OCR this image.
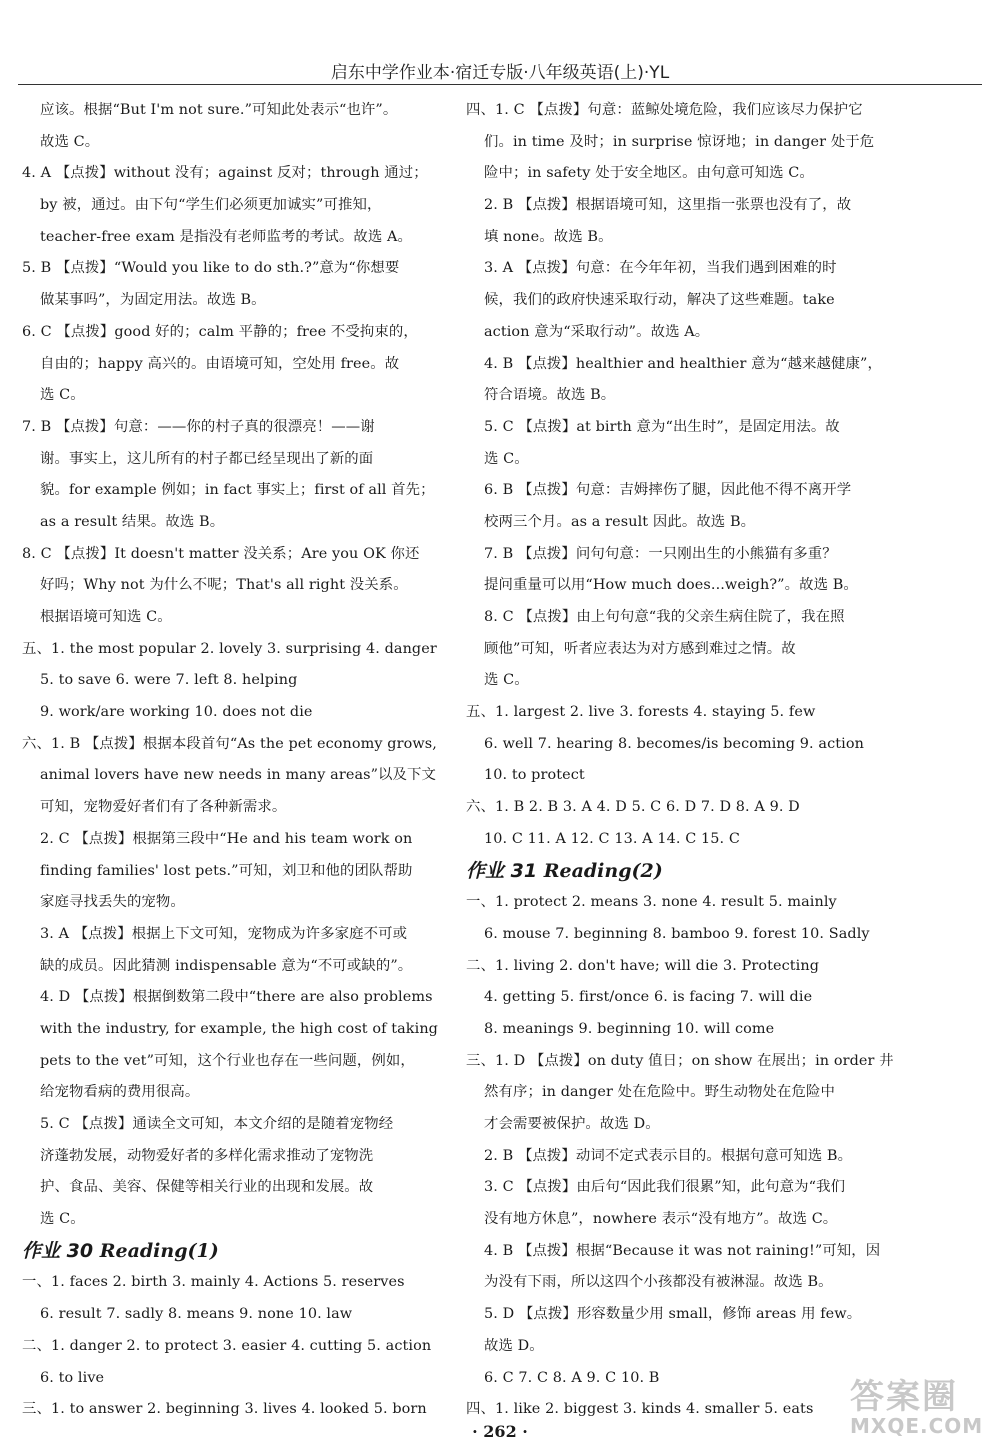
启东中学作业本·宿迁专版·八年级英语(上)·YL
应该。根据“But I'm not sure.”可知此处表示“也许”。
故选 C。
4. A 【点拨】without 没有；against 反对；through 通过；
by 被，通过。由下句“学生们必须更加诚实”可推知，
teacher-free exam 是指没有老师监考的考试。故选 A。
5. B 【点拨】“Would you like to do sth.?”意为“你想要
做某事吗”，为固定用法。故选 B。
6. C 【点拨】good 好的；calm 平静的；free 不受拘束的，
自由的；happy 高兴的。由语境可知，空处用 free。故
选 C。
7. B 【点拨】句意：——你的村子真的很漂亮！——谢
谢。事实上，这儿所有的村子都已经呈现出了新的面
貌。for example 例如；in fact 事实上；first of all 首先；
as a result 结果。故选 B。
8. C 【点拨】It doesn't matter 没关系；Are you OK 你还
好吗；Why not 为什么不呢；That's all right 没关系。
根据语境可知选 C。
五、1. the most popular 2. lovely 3. surprising 4. danger
5. to save 6. were 7. left 8. helping
9. work/are working 10. does not die
六、1. B 【点拨】根据本段首句“As the pet economy grows,
animal lovers have new needs in many areas”以及下文
可知，宠物爱好者们有了各种新需求。
2. C 【点拨】根据第三段中“He and his team work on
finding families' lost pets.”可知，刘卫和他的团队帮助
家庭寻找丢失的宠物。
3. A 【点拨】根据上下文可知，宠物成为许多家庭不可或
缺的成员。因此猜测 indispensable 意为“不可或缺的”。
4. D 【点拨】根据倒数第二段中“there are also problems
with the industry, for example, the high cost of taking
pets to the vet”可知，这个行业也存在一些问题，例如，
给宠物看病的费用很高。
5. C 【点拨】通读全文可知，本文介绍的是随着宠物经
济蓬勃发展，动物爱好者的多样化需求推动了宠物洗
护、食品、美容、保健等相关行业的出现和发展。故
选 C。
作业 30 Reading(1)
一、1. faces 2. birth 3. mainly 4. Actions 5. reserves
6. result 7. sadly 8. means 9. none 10. law
二、1. danger 2. to protect 3. easier 4. cutting 5. action
6. to live
三、1. to answer 2. beginning 3. lives 4. looked 5. born
四、1. C 【点拨】句意：蓝鲸处境危险，我们应该尽力保护它
们。in time 及时；in surprise 惊讶地；in danger 处于危
险中；in safety 处于安全地区。由句意可知选 C。
2. B 【点拨】根据语境可知，这里指一张票也没有了，故
填 none。故选 B。
3. A 【点拨】句意：在今年年初，当我们遇到困难的时
候，我们的政府快速采取行动，解决了这些难题。take
action 意为“采取行动”。故选 A。
4. B 【点拨】healthier and healthier 意为“越来越健康”，
符合语境。故选 B。
5. C 【点拨】at birth 意为“出生时”，是固定用法。故
选 C。
6. B 【点拨】句意：吉姆摔伤了腿，因此他不得不离开学
校两三个月。as a result 因此。故选 B。
7. B 【点拨】问句句意：一只刚出生的小熊猫有多重？
提问重量可以用“How much does...weigh?”。故选 B。
8. C 【点拨】由上句句意“我的父亲生病住院了，我在照
顾他”可知，听者应表达为对方感到难过之情。故
选 C。
五、1. largest 2. live 3. forests 4. staying 5. few
6. well 7. hearing 8. becomes/is becoming 9. action
10. to protect
六、1. B 2. B 3. A 4. D 5. C 6. D 7. D 8. A 9. D
10. C 11. A 12. C 13. A 14. C 15. C
作业 31 Reading(2)
一、1. protect 2. means 3. none 4. result 5. mainly
6. mouse 7. beginning 8. bamboo 9. forest 10. Sadly
二、1. living 2. don't have; will die 3. Protecting
4. getting 5. first/once 6. is facing 7. will die
8. meanings 9. beginning 10. will come
三、1. D 【点拨】on duty 值日；on show 在展出；in order 井
然有序；in danger 处在危险中。野生动物处在危险中
才会需要被保护。故选 D。
2. B 【点拨】动词不定式表示目的。根据句意可知选 B。
3. C 【点拨】由后句“因此我们很累”知，此句意为“我们
没有地方休息”，nowhere 表示“没有地方”。故选 C。
4. B 【点拨】根据“Because it was not raining!”可知，因
为没有下雨，所以这四个小孩都没有被淋湿。故选 B。
5. D 【点拨】形容数量少用 small，修饰 areas 用 few。
故选 D。
6. C 7. C 8. A 9. C 10. B
四、1. like 2. biggest 3. kinds 4. smaller 5. eats	答案圈
MXQE.COM
· 262 ·
